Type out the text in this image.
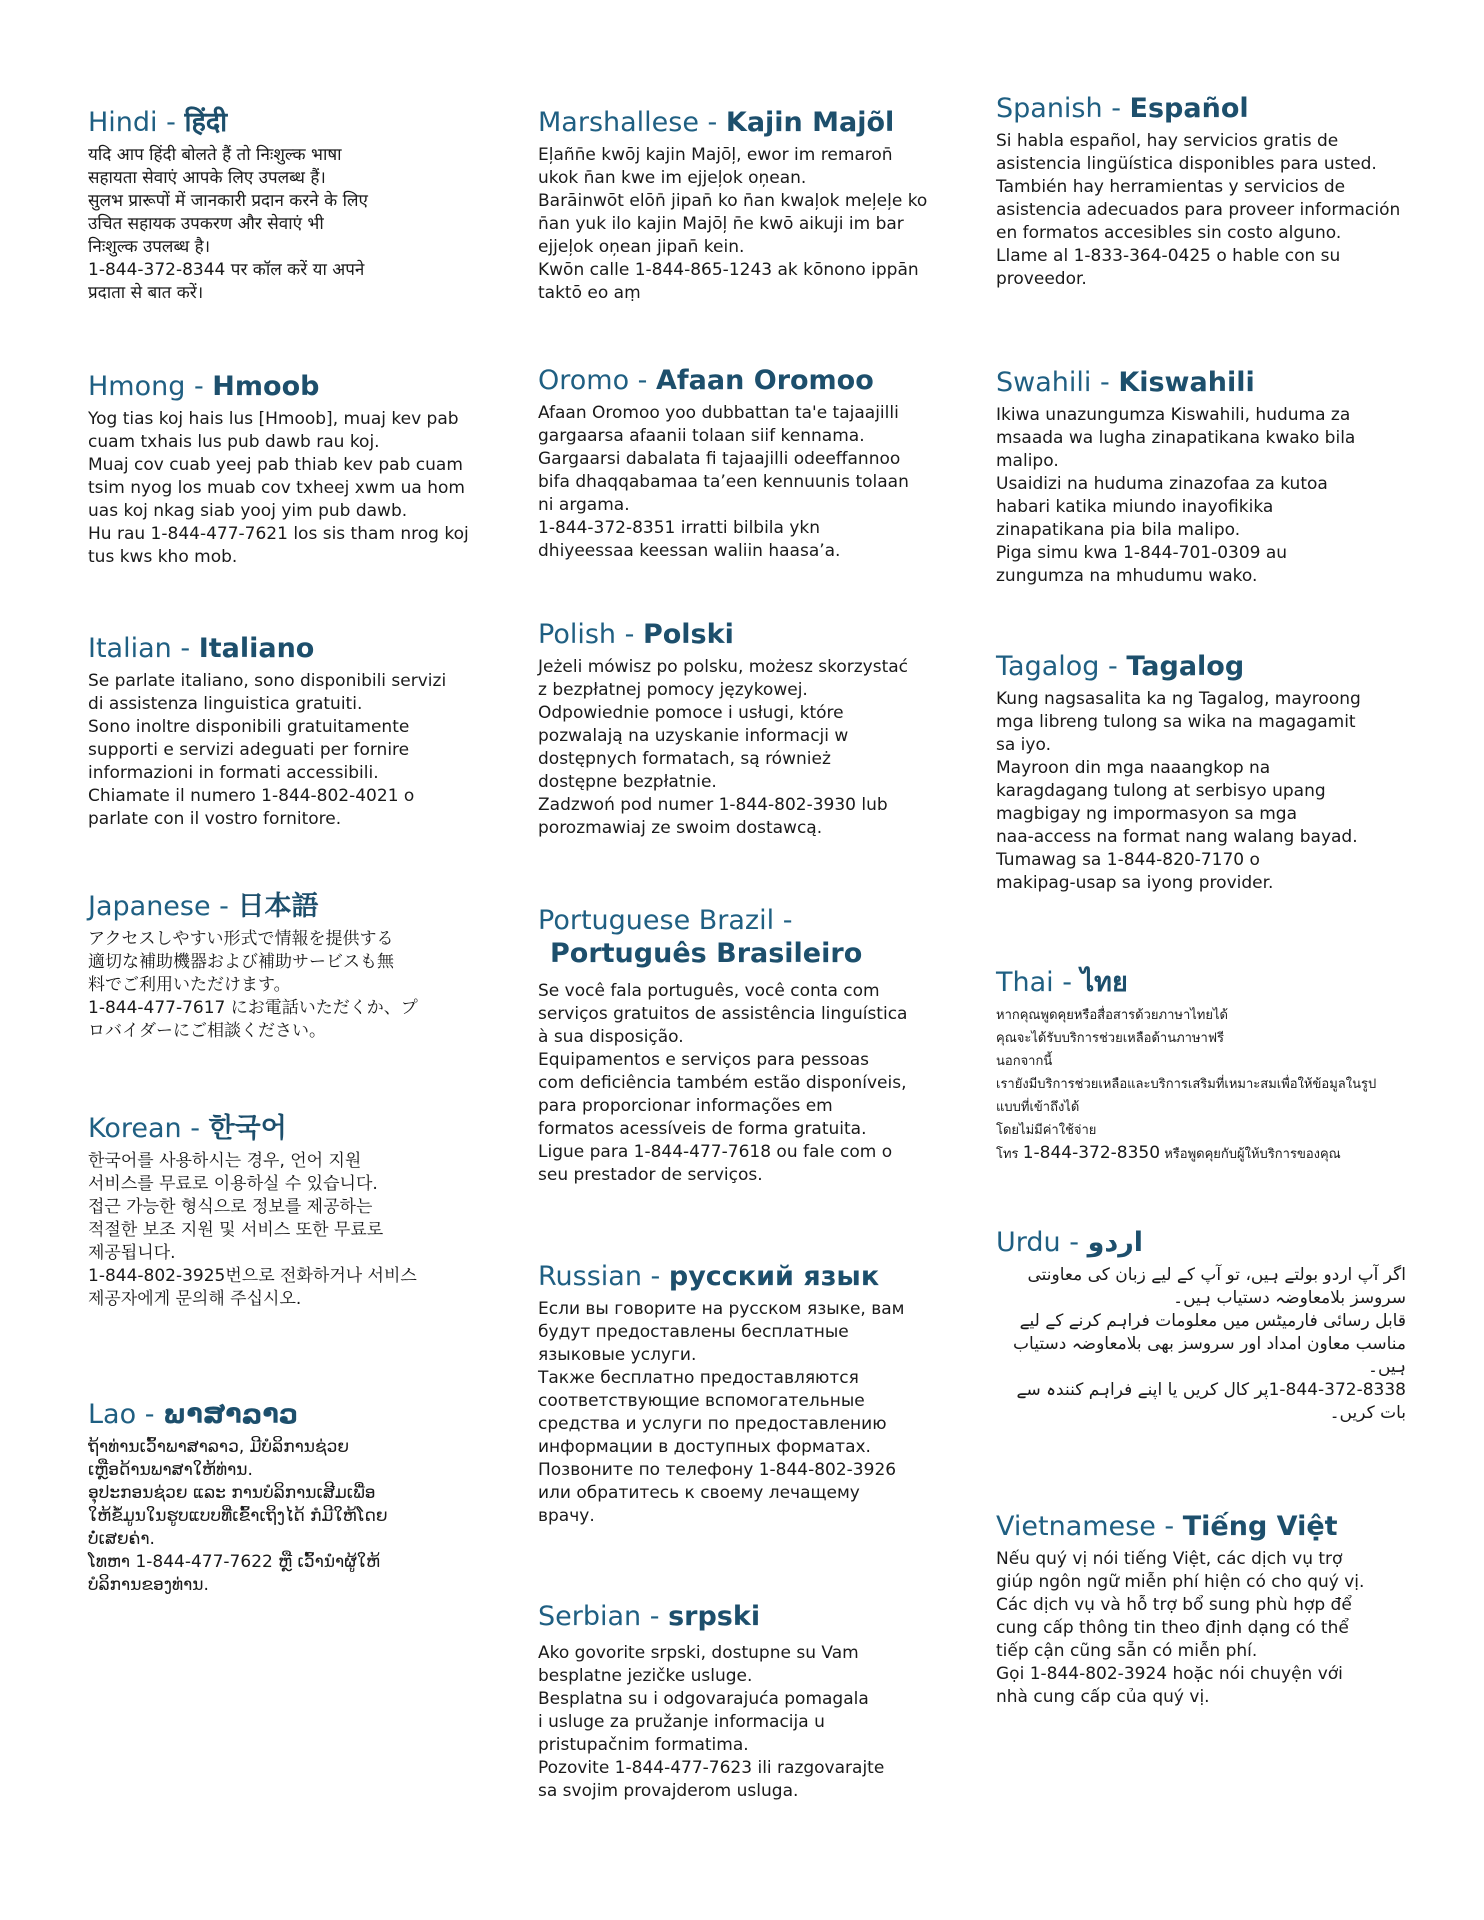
Hindi - हिंदी

यदि आप हिंदी बोलते हैं तो निःशुल्क भाषा

सहायता सेवाएं आपके लिए उपलब्ध हैं।

सुलभ प्रारूपों में जानकारी प्रदान करने के लिए

उचित सहायक उपकरण और सेवाएं भी

निःशुल्क उपलब्ध है।

1-844-372-8344 पर कॉल करें या अपने

प्रदाता से बात करें।

Hmong - Hmoob

Yog tias koj hais lus [Hmoob], muaj kev pab

cuam txhais lus pub dawb rau koj.

Muaj cov cuab yeej pab thiab kev pab cuam

tsim nyog los muab cov txheej xwm ua hom

uas koj nkag siab yooj yim pub dawb.

Hu rau 1-844-477-7621 los sis tham nrog koj

tus kws kho mob.

Italian - Italiano

Se parlate italiano, sono disponibili servizi

di assistenza linguistica gratuiti.

Sono inoltre disponibili gratuitamente

supporti e servizi adeguati per fornire

informazioni in formati accessibili.

Chiamate il numero 1-844-802-4021 o

parlate con il vostro fornitore.

Japanese - 日本語

アクセスしやすい形式で情報を提供する

適切な補助機器および補助サービスも無

料でご利用いただけます。

1-844-477-7617 にお電話いただくか、プ

ロバイダーにご相談ください。

Korean - 한국어

한국어를 사용하시는 경우, 언어 지원

서비스를 무료로 이용하실 수 있습니다.

접근 가능한 형식으로 정보를 제공하는

적절한 보조 지원 및 서비스 또한 무료로

제공됩니다.

1-844-802-3925번으로 전화하거나 서비스

제공자에게 문의해 주십시오.

Lao - ພາສາລາວ

ຖ້າທ່ານເວົ້າພາສາລາວ, ມີບໍລິການຊ່ວຍ

ເຫຼືອດ້ານພາສາໃຫ້ທ່ານ.

ອຸປະກອນຊ່ວຍ ແລະ ການບໍລິການເສີມເພື່ອ

ໃຫ້ຂໍ້ມູນໃນຮູບແບບທີ່ເຂົ້າເຖິງໄດ້ ກໍມີໃຫ້ໂດຍ

ບໍ່ເສຍຄ່າ.

ໂທຫາ 1-844-477-7622 ຫຼື ເວົ້ານຳຜູ້ໃຫ້

ບໍລິການຂອງທ່ານ.

Marshallese - Kajin Majõl

Eļañn̄e kwōj kajin Majōļ, ewor im remaron̄

ukok n̄an kwe im ejjeļok oņean.

Barāinwōt elōn̄ jipan̄ ko n̄an kwaļok meļeļe ko

n̄an yuk ilo kajin Majōļ n̄e kwō aikuji im bar

ejjeļok oņean jipan̄ kein.

Kwōn calle 1-844-865-1243 ak kōnono ippān

taktō eo aṃ

Oromo - Afaan Oromoo

Afaan Oromoo yoo dubbattan ta'e tajaajilli

gargaarsa afaanii tolaan siif kennama.

Gargaarsi dabalata fi tajaajilli odeeffannoo

bifa dhaqqabamaa ta’een kennuunis tolaan

ni argama.

1-844-372-8351 irratti bilbila ykn

dhiyeessaa keessan waliin haasa’a.

Polish - Polski

Jeżeli mówisz po polsku, możesz skorzystać

z bezpłatnej pomocy językowej.

Odpowiednie pomoce i usługi, które

pozwalają na uzyskanie informacji w

dostępnych formatach, są również

dostępne bezpłatnie.

Zadzwoń pod numer 1-844-802-3930 lub

porozmawiaj ze swoim dostawcą.

Portuguese Brazil -
Português Brasileiro

Se você fala português, você conta com

serviços gratuitos de assistência linguística

à sua disposição.

Equipamentos e serviços para pessoas

com deficiência também estão disponíveis,

para proporcionar informações em

formatos acessíveis de forma gratuita.

Ligue para 1-844-477-7618 ou fale com o

seu prestador de serviços.

Russian - русский язык

Если вы говорите на русском языке, вам

будут предоставлены бесплатные

языковые услуги.

Также бесплатно предоставляются

соответствующие вспомогательные

средства и услуги по предоставлению

информации в доступных форматах.

Позвоните по телефону 1-844-802-3926

или обратитесь к своему лечащему

врачу.

Serbian - srpski

Ako govorite srpski, dostupne su Vam

besplatne jezičke usluge.

Besplatna su i odgovarajuća pomagala

i usluge za pružanje informacija u

pristupačnim formatima.

Pozovite 1-844-477-7623 ili razgovarajte

sa svojim provajderom usluga.

Spanish - Español

Si habla español, hay servicios gratis de

asistencia lingüística disponibles para usted.

También hay herramientas y servicios de

asistencia adecuados para proveer información

en formatos accesibles sin costo alguno.

Llame al 1-833-364-0425 o hable con su

proveedor.

Swahili - Kiswahili

Ikiwa unazungumza Kiswahili, huduma za

msaada wa lugha zinapatikana kwako bila

malipo.

Usaidizi na huduma zinazofaa za kutoa

habari katika miundo inayofikika

zinapatikana pia bila malipo.

Piga simu kwa 1-844-701-0309 au

zungumza na mhudumu wako.

Tagalog - Tagalog

Kung nagsasalita ka ng Tagalog, mayroong

mga libreng tulong sa wika na magagamit

sa iyo.

Mayroon din mga naaangkop na

karagdagang tulong at serbisyo upang

magbigay ng impormasyon sa mga

naa-access na format nang walang bayad.

Tumawag sa 1-844-820-7170 o

makipag-usap sa iyong provider.

Thai - ไทย

หากคุณพูดคุยหรือสื่อสารด้วยภาษาไทยได้

คุณจะได้รับบริการช่วยเหลือด้านภาษาฟรี

นอกจากนี้

เรายังมีบริการช่วยเหลือและบริการเสริมที่เหมาะสมเพื่อให้ข้อมูลในรูป

แบบที่เข้าถึงได้

โดยไม่มีค่าใช้จ่าย

โทร 1-844-372-8350 หรือพูดคุยกับผู้ให้บริการของคุณ

Urdu - اردو

اگر آپ اردو بولتے ہیں، تو آپ کے لیے زبان کی معاونتی

سروسز بلامعاوضہ دستیاب ہیں۔

قابل رسائی فارمیٹس میں معلومات فراہم کرنے کے لیے

مناسب معاون امداد اور سروسز بھی بلامعاوضہ دستیاب

ہیں۔

1-844-372-8338پر کال کریں یا اپنے فراہم کنندہ سے

بات کریں۔

Vietnamese - Tiếng Việt

Nếu quý vị nói tiếng Việt, các dịch vụ trợ

giúp ngôn ngữ miễn phí hiện có cho quý vị.

Các dịch vụ và hỗ trợ bổ sung phù hợp để

cung cấp thông tin theo định dạng có thể

tiếp cận cũng sẵn có miễn phí.

Gọi 1-844-802-3924 hoặc nói chuyện với

nhà cung cấp của quý vị.
